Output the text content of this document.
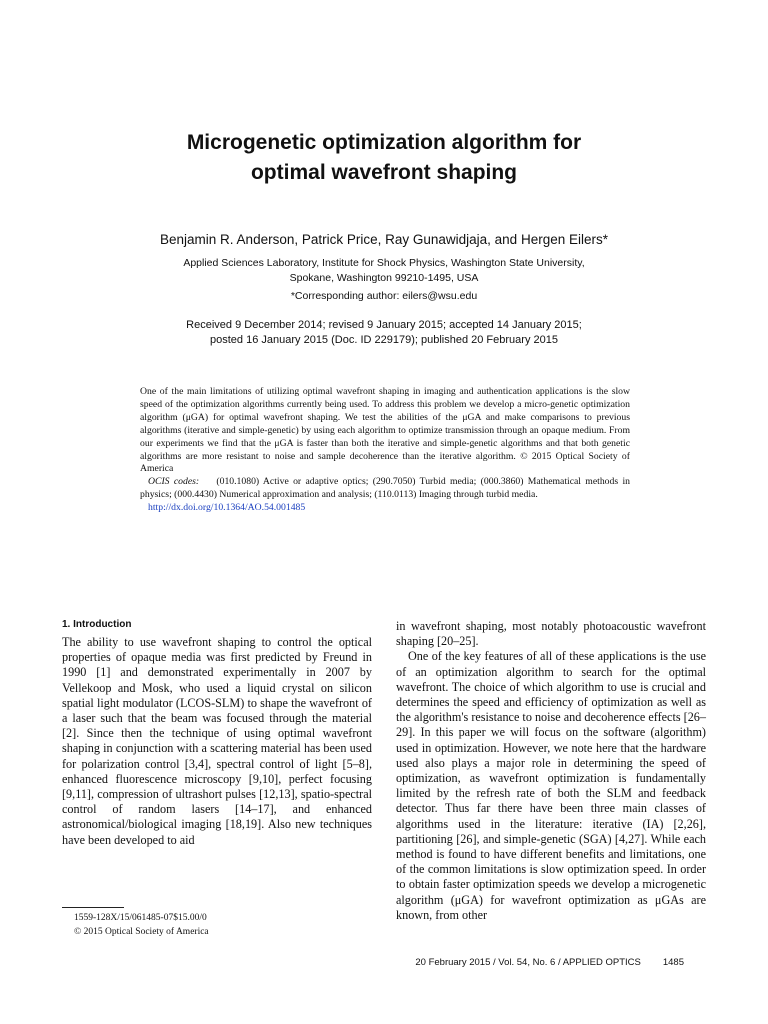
Microgenetic optimization algorithm for
optimal wavefront shaping
Benjamin R. Anderson, Patrick Price, Ray Gunawidjaja, and Hergen Eilers*
Applied Sciences Laboratory, Institute for Shock Physics, Washington State University,
Spokane, Washington 99210-1495, USA
*Corresponding author: eilers@wsu.edu
Received 9 December 2014; revised 9 January 2015; accepted 14 January 2015;
posted 16 January 2015 (Doc. ID 229179); published 20 February 2015

One of the main limitations of utilizing optimal wavefront shaping in imaging and authentication applications is the slow speed of the optimization algorithms currently being used. To address this problem we develop a micro-genetic optimization algorithm (μGA) for optimal wavefront shaping. We test the abilities of the μGA and make comparisons to previous algorithms (iterative and simple-genetic) by using each algorithm to optimize transmission through an opaque medium. From our experiments we find that the μGA is faster than both the iterative and simple-genetic algorithms and that both genetic algorithms are more resistant to noise and sample decoherence than the iterative algorithm. © 2015 Optical Society of America

OCIS codes: (010.1080) Active or adaptive optics; (290.7050) Turbid media; (000.3860) Mathematical methods in physics; (000.4430) Numerical approximation and analysis; (110.0113) Imaging through turbid media.

http://dx.doi.org/10.1364/AO.54.001485

1. Introduction

The ability to use wavefront shaping to control the optical properties of opaque media was first predicted by Freund in 1990 [1] and demonstrated experimentally in 2007 by Vellekoop and Mosk, who used a liquid crystal on silicon spatial light modulator (LCOS-SLM) to shape the wavefront of a laser such that the beam was focused through the material [2]. Since then the technique of using optimal wavefront shaping in conjunction with a scattering material has been used for polarization control [3,4], spectral control of light [5–8], enhanced fluorescence microscopy [9,10], perfect focusing [9,11], compression of ultrashort pulses [12,13], spatio-spectral control of random lasers [14–17], and enhanced astronomical/biological imaging [18,19]. Also new techniques have been developed to aid

in wavefront shaping, most notably photoacoustic wavefront shaping [20–25].

One of the key features of all of these applications is the use of an optimization algorithm to search for the optimal wavefront. The choice of which algorithm to use is crucial and determines the speed and efficiency of optimization as well as the algorithm's resistance to noise and decoherence effects [26–29]. In this paper we will focus on the software (algorithm) used in optimization. However, we note here that the hardware used also plays a major role in determining the speed of optimization, as wavefront optimization is fundamentally limited by the refresh rate of both the SLM and feedback detector. Thus far there have been three main classes of algorithms used in the literature: iterative (IA) [2,26], partitioning [26], and simple-genetic (SGA) [4,27]. While each method is found to have different benefits and limitations, one of the common limitations is slow optimization speed. In order to obtain faster optimization speeds we develop a microgenetic algorithm (μGA) for wavefront optimization as μGAs are known, from other

1559-128X/15/061485-07$15.00/0
© 2015 Optical Society of America
20 February 2015 / Vol. 54, No. 6 / APPLIED OPTICS 1485
